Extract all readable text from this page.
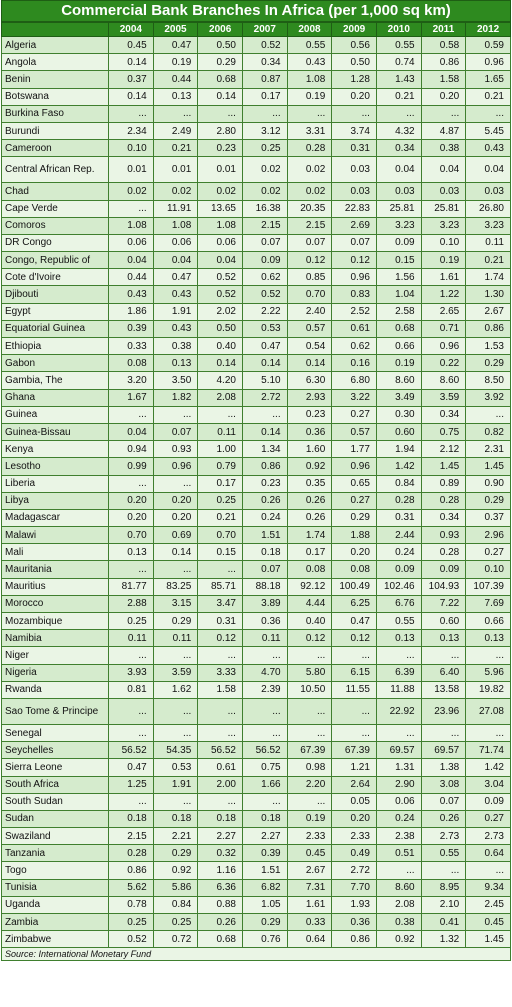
Commercial Bank Branches In Africa (per 1,000 sq km)
	2004	2005	2006	2007	2008	2009	2010	2011	2012
Algeria	0.45	0.47	0.50	0.52	0.55	0.56	0.55	0.58	0.59
Angola	0.14	0.19	0.29	0.34	0.43	0.50	0.74	0.86	0.96
Benin	0.37	0.44	0.68	0.87	1.08	1.28	1.43	1.58	1.65
Botswana	0.14	0.13	0.14	0.17	0.19	0.20	0.21	0.20	0.21
Burkina Faso	...	...	...	...	...	...	...	...	...
Burundi	2.34	2.49	2.80	3.12	3.31	3.74	4.32	4.87	5.45
Cameroon	0.10	0.21	0.23	0.25	0.28	0.31	0.34	0.38	0.43
Central African Rep.	0.01	0.01	0.01	0.02	0.02	0.03	0.04	0.04	0.04
Chad	0.02	0.02	0.02	0.02	0.02	0.03	0.03	0.03	0.03
Cape Verde	...	11.91	13.65	16.38	20.35	22.83	25.81	25.81	26.80
Comoros	1.08	1.08	1.08	2.15	2.15	2.69	3.23	3.23	3.23
DR Congo	0.06	0.06	0.06	0.07	0.07	0.07	0.09	0.10	0.11
Congo, Republic of	0.04	0.04	0.04	0.09	0.12	0.12	0.15	0.19	0.21
Cote d'Ivoire	0.44	0.47	0.52	0.62	0.85	0.96	1.56	1.61	1.74
Djibouti	0.43	0.43	0.52	0.52	0.70	0.83	1.04	1.22	1.30
Egypt	1.86	1.91	2.02	2.22	2.40	2.52	2.58	2.65	2.67
Equatorial Guinea	0.39	0.43	0.50	0.53	0.57	0.61	0.68	0.71	0.86
Ethiopia	0.33	0.38	0.40	0.47	0.54	0.62	0.66	0.96	1.53
Gabon	0.08	0.13	0.14	0.14	0.14	0.16	0.19	0.22	0.29
Gambia, The	3.20	3.50	4.20	5.10	6.30	6.80	8.60	8.60	8.50
Ghana	1.67	1.82	2.08	2.72	2.93	3.22	3.49	3.59	3.92
Guinea	...	...	...	...	0.23	0.27	0.30	0.34	...
Guinea-Bissau	0.04	0.07	0.11	0.14	0.36	0.57	0.60	0.75	0.82
Kenya	0.94	0.93	1.00	1.34	1.60	1.77	1.94	2.12	2.31
Lesotho	0.99	0.96	0.79	0.86	0.92	0.96	1.42	1.45	1.45
Liberia	...	...	0.17	0.23	0.35	0.65	0.84	0.89	0.90
Libya	0.20	0.20	0.25	0.26	0.26	0.27	0.28	0.28	0.29
Madagascar	0.20	0.20	0.21	0.24	0.26	0.29	0.31	0.34	0.37
Malawi	0.70	0.69	0.70	1.51	1.74	1.88	2.44	0.93	2.96
Mali	0.13	0.14	0.15	0.18	0.17	0.20	0.24	0.28	0.27
Mauritania	...	...	...	0.07	0.08	0.08	0.09	0.09	0.10
Mauritius	81.77	83.25	85.71	88.18	92.12	100.49	102.46	104.93	107.39
Morocco	2.88	3.15	3.47	3.89	4.44	6.25	6.76	7.22	7.69
Mozambique	0.25	0.29	0.31	0.36	0.40	0.47	0.55	0.60	0.66
Namibia	0.11	0.11	0.12	0.11	0.12	0.12	0.13	0.13	0.13
Niger	...	...	...	...	...	...	...	...	...
Nigeria	3.93	3.59	3.33	4.70	5.80	6.15	6.39	6.40	5.96
Rwanda	0.81	1.62	1.58	2.39	10.50	11.55	11.88	13.58	19.82
Sao Tome & Principe	...	...	...	...	...	...	22.92	23.96	27.08
Senegal	...	...	...	...	...	...	...	...	...
Seychelles	56.52	54.35	56.52	56.52	67.39	67.39	69.57	69.57	71.74
Sierra Leone	0.47	0.53	0.61	0.75	0.98	1.21	1.31	1.38	1.42
South Africa	1.25	1.91	2.00	1.66	2.20	2.64	2.90	3.08	3.04
South Sudan	...	...	...	...	...	0.05	0.06	0.07	0.09
Sudan	0.18	0.18	0.18	0.18	0.19	0.20	0.24	0.26	0.27
Swaziland	2.15	2.21	2.27	2.27	2.33	2.33	2.38	2.73	2.73
Tanzania	0.28	0.29	0.32	0.39	0.45	0.49	0.51	0.55	0.64
Togo	0.86	0.92	1.16	1.51	2.67	2.72	...	...	...
Tunisia	5.62	5.86	6.36	6.82	7.31	7.70	8.60	8.95	9.34
Uganda	0.78	0.84	0.88	1.05	1.61	1.93	2.08	2.10	2.45
Zambia	0.25	0.25	0.26	0.29	0.33	0.36	0.38	0.41	0.45
Zimbabwe	0.52	0.72	0.68	0.76	0.64	0.86	0.92	1.32	1.45
Source: International Monetary Fund
